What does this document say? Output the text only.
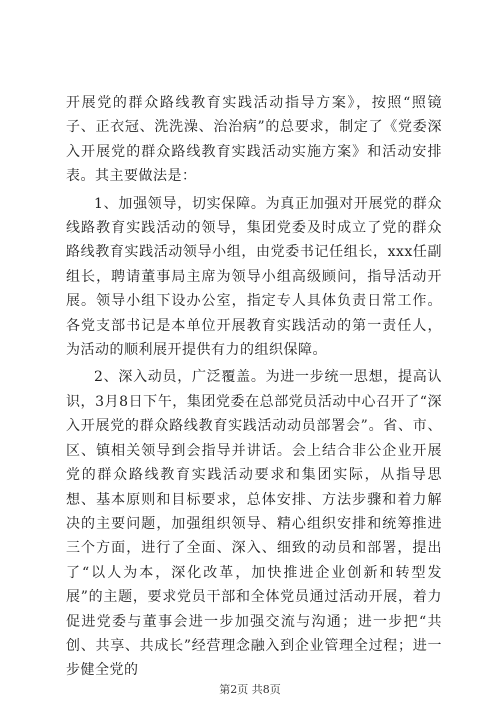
开展党的群众路线教育实践活动指导方案》，按照“照镜子、正衣冠、洗洗澡、治治病”的总要求，制定了《党委深入开展党的群众路线教育实践活动实施方案》和活动安排表。其主要做法是：

1、加强领导，切实保障。为真正加强对开展党的群众线路教育实践活动的领导，集团党委及时成立了党的群众路线教育实践活动领导小组，由党委书记任组长，xxx任副组长，聘请董事局主席为领导小组高级顾问，指导活动开展。领导小组下设办公室，指定专人具体负责日常工作。各党支部书记是本单位开展教育实践活动的第一责任人，为活动的顺利展开提供有力的组织保障。

2、深入动员，广泛覆盖。为进一步统一思想，提高认识，3月8日下午，集团党委在总部党员活动中心召开了“深入开展党的群众路线教育实践活动动员部署会”。省、市、区、镇相关领导到会指导并讲话。会上结合非公企业开展党的群众路线教育实践活动要求和集团实际，从指导思想、基本原则和目标要求，总体安排、方法步骤和着力解决的主要问题，加强组织领导、精心组织安排和统筹推进三个方面，进行了全面、深入、细致的动员和部署，提出了“以人为本，深化改革，加快推进企业创新和转型发展”的主题，要求党员干部和全体党员通过活动开展，着力促进党委与董事会进一步加强交流与沟通；进一步把“共创、共享、共成长”经营理念融入到企业管理全过程；进一步健全党的

第2页 共8页
